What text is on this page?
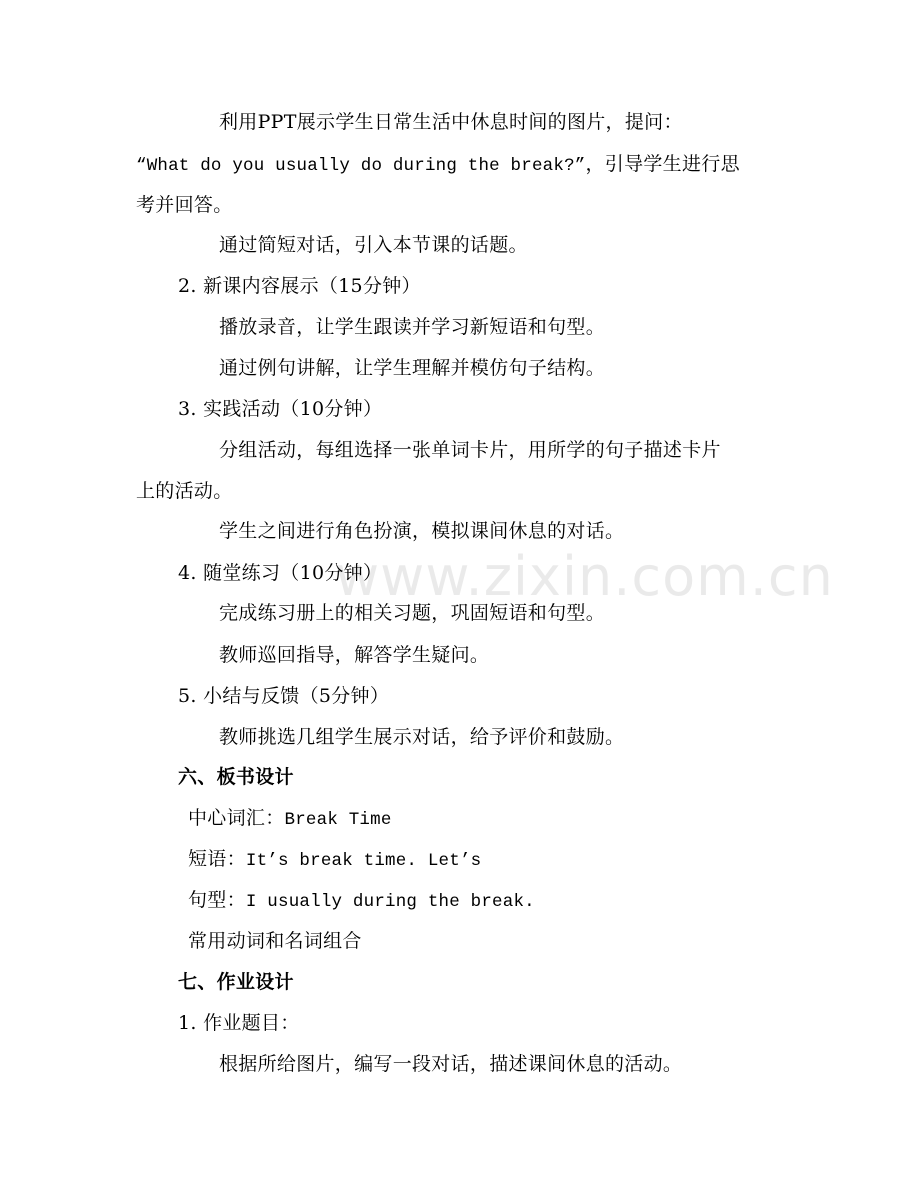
利用PPT展示学生日常生活中休息时间的图片，提问：
“What do you usually do during the break?”，引导学生进行思
考并回答。
通过简短对话，引入本节课的话题。
2. 新课内容展示（15分钟）
播放录音，让学生跟读并学习新短语和句型。
通过例句讲解，让学生理解并模仿句子结构。
3. 实践活动（10分钟）
分组活动，每组选择一张单词卡片，用所学的句子描述卡片
上的活动。
学生之间进行角色扮演，模拟课间休息的对话。
4. 随堂练习（10分钟）
完成练习册上的相关习题，巩固短语和句型。
教师巡回指导，解答学生疑问。
5. 小结与反馈（5分钟）
教师挑选几组学生展示对话，给予评价和鼓励。
六、板书设计
中心词汇：Break Time
短语：It’s break time. Let’s
句型：I usually during the break.
常用动词和名词组合
七、作业设计
1. 作业题目：
根据所给图片，编写一段对话，描述课间休息的活动。
www.zixin.com.cn
